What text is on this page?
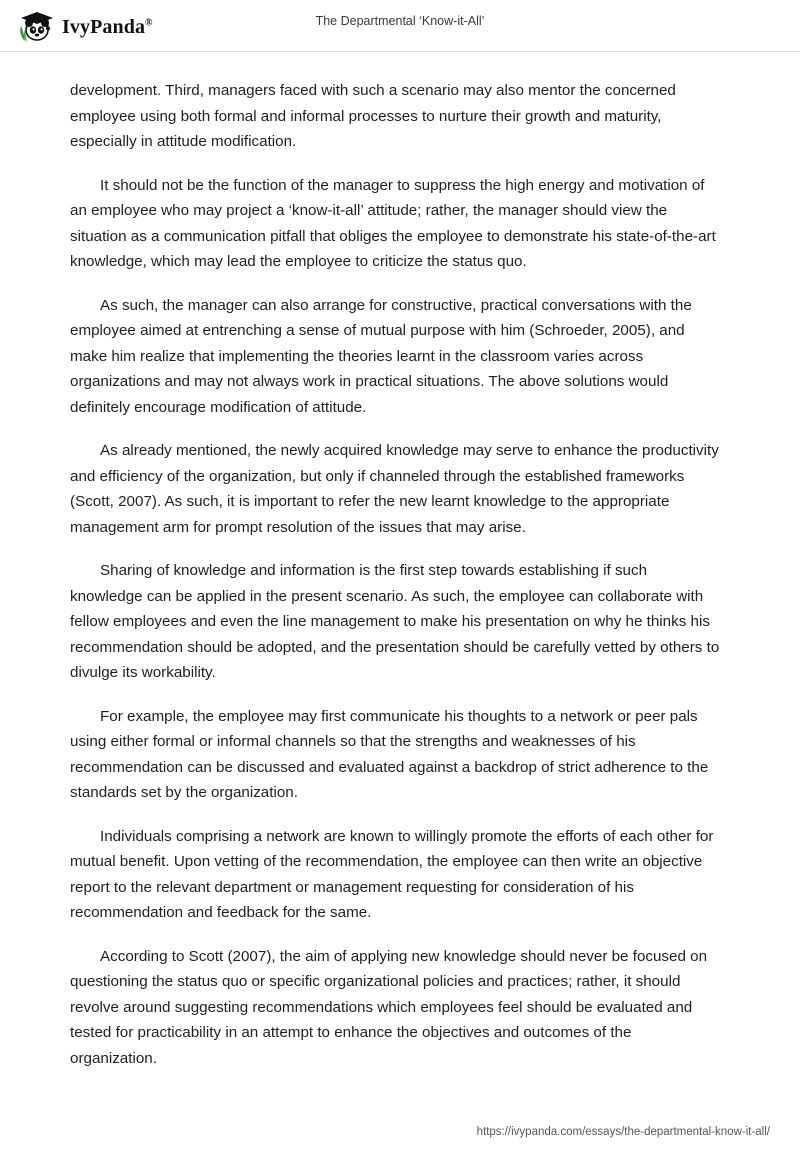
IvyPanda®	The Departmental ‘Know-it-All’

development. Third, managers faced with such a scenario may also mentor the concerned employee using both formal and informal processes to nurture their growth and maturity, especially in attitude modification.

It should not be the function of the manager to suppress the high energy and motivation of an employee who may project a ‘know-it-all’ attitude; rather, the manager should view the situation as a communication pitfall that obliges the employee to demonstrate his state-of-the-art knowledge, which may lead the employee to criticize the status quo.

As such, the manager can also arrange for constructive, practical conversations with the employee aimed at entrenching a sense of mutual purpose with him (Schroeder, 2005), and make him realize that implementing the theories learnt in the classroom varies across organizations and may not always work in practical situations. The above solutions would definitely encourage modification of attitude.

As already mentioned, the newly acquired knowledge may serve to enhance the productivity and efficiency of the organization, but only if channeled through the established frameworks (Scott, 2007). As such, it is important to refer the new learnt knowledge to the appropriate management arm for prompt resolution of the issues that may arise.

Sharing of knowledge and information is the first step towards establishing if such knowledge can be applied in the present scenario. As such, the employee can collaborate with fellow employees and even the line management to make his presentation on why he thinks his recommendation should be adopted, and the presentation should be carefully vetted by others to divulge its workability.

For example, the employee may first communicate his thoughts to a network or peer pals using either formal or informal channels so that the strengths and weaknesses of his recommendation can be discussed and evaluated against a backdrop of strict adherence to the standards set by the organization.

Individuals comprising a network are known to willingly promote the efforts of each other for mutual benefit. Upon vetting of the recommendation, the employee can then write an objective report to the relevant department or management requesting for consideration of his recommendation and feedback for the same.

According to Scott (2007), the aim of applying new knowledge should never be focused on questioning the status quo or specific organizational policies and practices; rather, it should revolve around suggesting recommendations which employees feel should be evaluated and tested for practicability in an attempt to enhance the objectives and outcomes of the organization.

https://ivypanda.com/essays/the-departmental-know-it-all/
